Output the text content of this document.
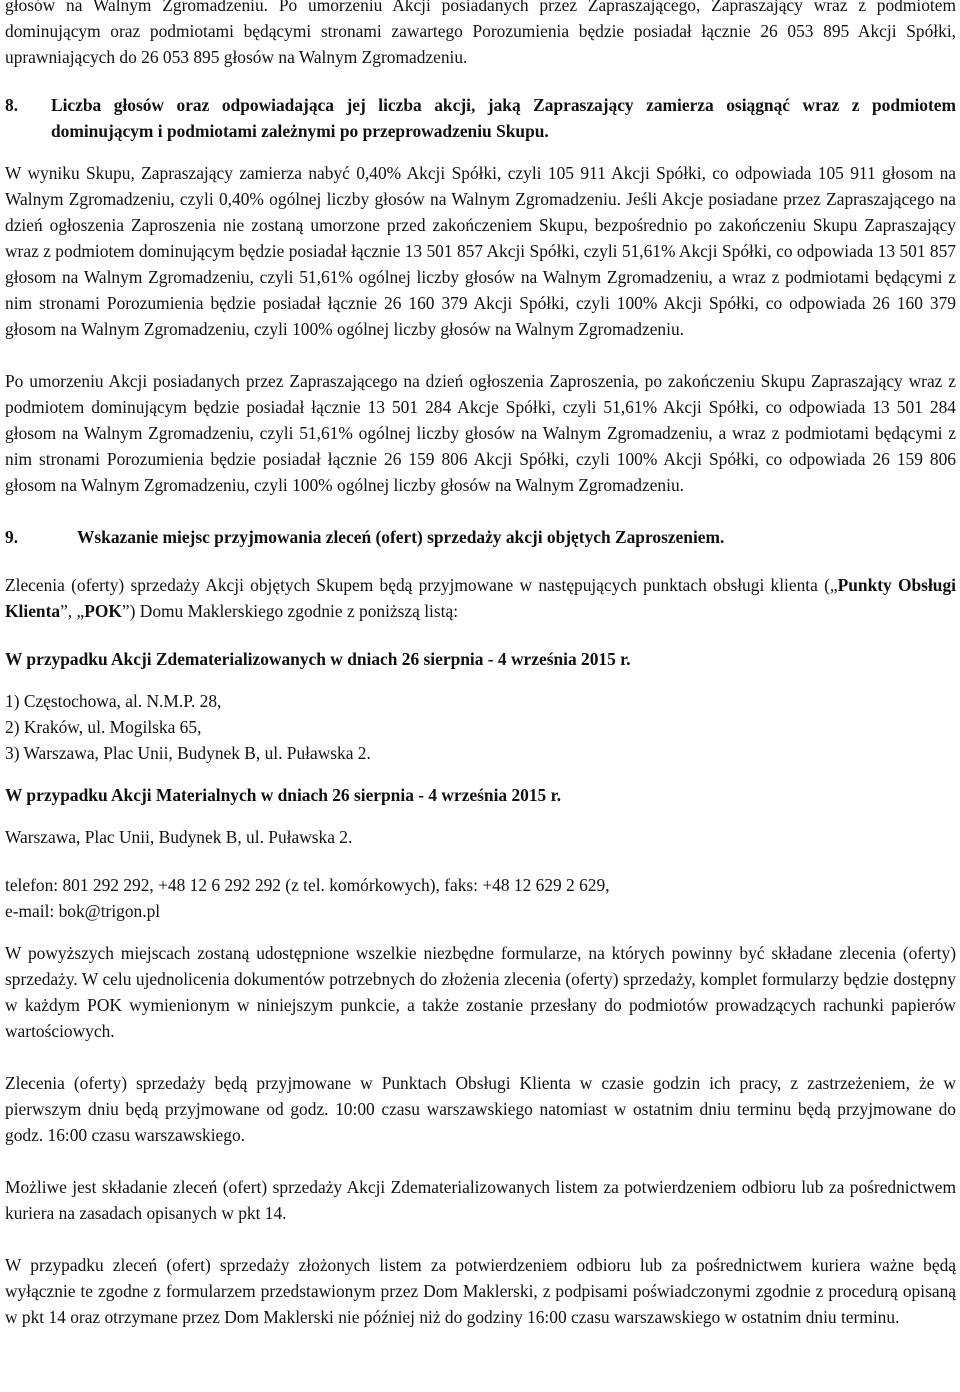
głosów na Walnym Zgromadzeniu. Po umorzeniu Akcji posiadanych przez Zapraszającego, Zapraszający wraz z podmiotem dominującym oraz podmiotami będącymi stronami zawartego Porozumienia będzie posiadał łącznie 26 053 895 Akcji Spółki, uprawniających do 26 053 895 głosów na Walnym Zgromadzeniu.

8.	Liczba głosów oraz odpowiadająca jej liczba akcji, jaką Zapraszający zamierza osiągnąć wraz z podmiotem dominującym i podmiotami zależnymi po przeprowadzeniu Skupu.

W wyniku Skupu, Zapraszający zamierza nabyć 0,40% Akcji Spółki, czyli 105 911 Akcji Spółki, co odpowiada 105 911 głosom na Walnym Zgromadzeniu, czyli 0,40% ogólnej liczby głosów na Walnym Zgromadzeniu. Jeśli Akcje posiadane przez Zapraszającego na dzień ogłoszenia Zaproszenia nie zostaną umorzone przed zakończeniem Skupu, bezpośrednio po zakończeniu Skupu Zapraszający wraz z podmiotem dominującym będzie posiadał łącznie 13 501 857 Akcji Spółki, czyli 51,61% Akcji Spółki, co odpowiada 13 501 857 głosom na Walnym Zgromadzeniu, czyli 51,61% ogólnej liczby głosów na Walnym Zgromadzeniu, a wraz z podmiotami będącymi z nim stronami Porozumienia będzie posiadał łącznie 26 160 379 Akcji Spółki, czyli 100% Akcji Spółki, co odpowiada 26 160 379 głosom na Walnym Zgromadzeniu, czyli 100% ogólnej liczby głosów na Walnym Zgromadzeniu.

Po umorzeniu Akcji posiadanych przez Zapraszającego na dzień ogłoszenia Zaproszenia, po zakończeniu Skupu Zapraszający wraz z podmiotem dominującym będzie posiadał łącznie 13 501 284 Akcje Spółki, czyli 51,61% Akcji Spółki, co odpowiada 13 501 284 głosom na Walnym Zgromadzeniu, czyli 51,61% ogólnej liczby głosów na Walnym Zgromadzeniu, a wraz z podmiotami będącymi z nim stronami Porozumienia będzie posiadał łącznie 26 159 806 Akcji Spółki, czyli 100% Akcji Spółki, co odpowiada 26 159 806 głosom na Walnym Zgromadzeniu, czyli 100% ogólnej liczby głosów na Walnym Zgromadzeniu.

9.	Wskazanie miejsc przyjmowania zleceń (ofert) sprzedaży akcji objętych Zaproszeniem.

Zlecenia (oferty) sprzedaży Akcji objętych Skupem będą przyjmowane w następujących punktach obsługi klienta („Punkty Obsługi Klienta”, „POK”) Domu Maklerskiego zgodnie z poniższą listą:

W przypadku Akcji Zdematerializowanych w dniach 26 sierpnia - 4 września 2015 r.

1) Częstochowa, al. N.M.P. 28,

2) Kraków, ul. Mogilska 65,

3) Warszawa, Plac Unii, Budynek B, ul. Puławska 2.

W przypadku Akcji Materialnych w dniach 26 sierpnia - 4 września 2015 r.

Warszawa, Plac Unii, Budynek B, ul. Puławska 2.

telefon: 801 292 292, +48 12 6 292 292 (z tel. komórkowych), faks: +48 12 629 2 629,

e-mail: bok@trigon.pl

W powyższych miejscach zostaną udostępnione wszelkie niezbędne formularze, na których powinny być składane zlecenia (oferty) sprzedaży. W celu ujednolicenia dokumentów potrzebnych do złożenia zlecenia (oferty) sprzedaży, komplet formularzy będzie dostępny w każdym POK wymienionym w niniejszym punkcie, a także zostanie przesłany do podmiotów prowadzących rachunki papierów wartościowych.

Zlecenia (oferty) sprzedaży będą przyjmowane w Punktach Obsługi Klienta w czasie godzin ich pracy, z zastrzeżeniem, że w pierwszym dniu będą przyjmowane od godz. 10:00 czasu warszawskiego natomiast w ostatnim dniu terminu będą przyjmowane do godz. 16:00 czasu warszawskiego.

Możliwe jest składanie zleceń (ofert) sprzedaży Akcji Zdematerializowanych listem za potwierdzeniem odbioru lub za pośrednictwem kuriera na zasadach opisanych w pkt 14.

W przypadku zleceń (ofert) sprzedaży złożonych listem za potwierdzeniem odbioru lub za pośrednictwem kuriera ważne będą wyłącznie te zgodne z formularzem przedstawionym przez Dom Maklerski, z podpisami poświadczonymi zgodnie z procedurą opisaną w pkt 14 oraz otrzymane przez Dom Maklerski nie później niż do godziny 16:00 czasu warszawskiego w ostatnim dniu terminu.
